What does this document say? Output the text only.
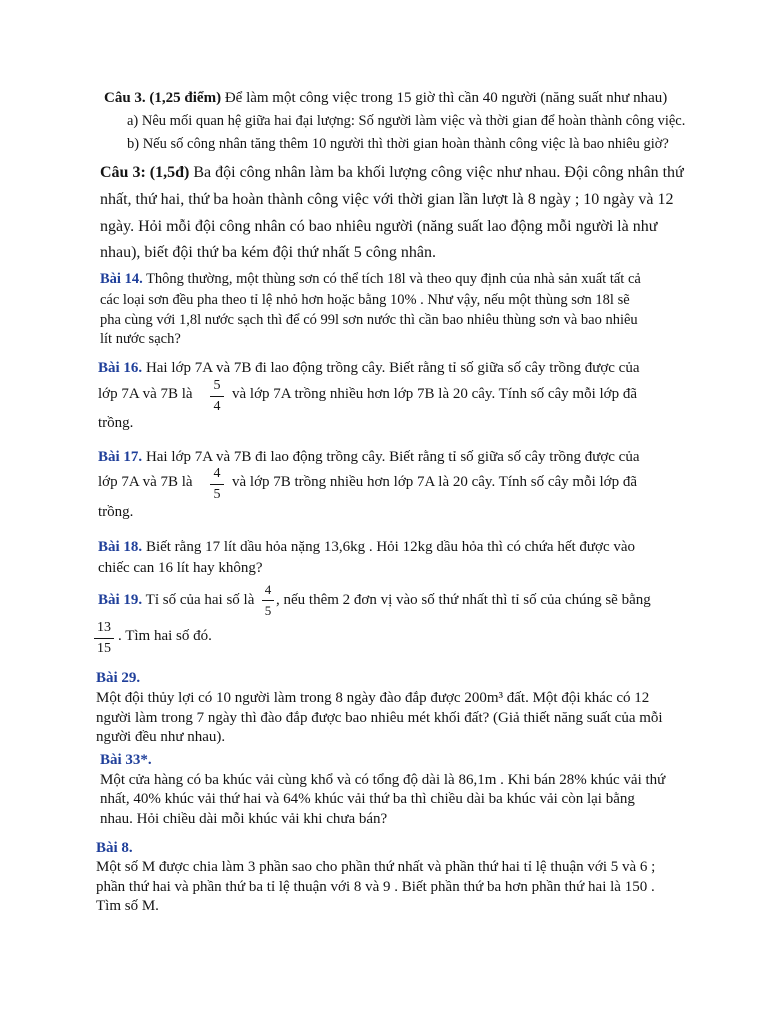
Câu 3. (1,25 điểm) Để làm một công việc trong 15 giờ thì cần 40 người (năng suất như nhau)
a) Nêu mối quan hệ giữa hai đại lượng: Số người làm việc và thời gian để hoàn thành công việc.
b) Nếu số công nhân tăng thêm 10 người thì thời gian hoàn thành công việc là bao nhiêu giờ?
Câu 3: (1,5đ) Ba đội công nhân làm ba khối lượng công việc như nhau. Đội công nhân thứ
nhất, thứ hai, thứ ba hoàn thành công việc với thời gian lần lượt là 8 ngày ; 10 ngày và 12
ngày. Hỏi mỗi đội công nhân có bao nhiêu người (năng suất lao động mỗi người là như
nhau), biết đội thứ ba kém đội thứ nhất 5 công nhân.
Bài 14. Thông thường, một thùng sơn có thể tích 18l và theo quy định của nhà sản xuất tất cả
các loại sơn đều pha theo tỉ lệ nhỏ hơn hoặc bằng 10% . Như vậy, nếu một thùng sơn 18l sẽ
pha cùng với 1,8l nước sạch thì để có 99l sơn nước thì cần bao nhiêu thùng sơn và bao nhiêu
lít nước sạch?
Bài 16. Hai lớp 7A và 7B đi lao động trồng cây. Biết rằng tỉ số giữa số cây trồng được của
lớp 7A và 7B là
5
4
và lớp 7A trồng nhiều hơn lớp 7B là 20 cây. Tính số cây mỗi lớp đã
trồng.
Bài 17. Hai lớp 7A và 7B đi lao động trồng cây. Biết rằng tỉ số giữa số cây trồng được của
lớp 7A và 7B là
4
5
và lớp 7B trồng nhiều hơn lớp 7A là 20 cây. Tính số cây mỗi lớp đã
trồng.
Bài 18. Biết rằng 17 lít dầu hỏa nặng 13,6kg . Hỏi 12kg dầu hỏa thì có chứa hết được vào
chiếc can 16 lít hay không?
Bài 19. Tỉ số của hai số là
4
5
, nếu thêm 2 đơn vị vào số thứ nhất thì tỉ số của chúng sẽ bằng
13
15
. Tìm hai số đó.
Bài 29.
Một đội thủy lợi có 10 người làm trong 8 ngày đào đắp được 200m³ đất. Một đội khác có 12
người làm trong 7 ngày thì đào đắp được bao nhiêu mét khối đất? (Giả thiết năng suất của mỗi
người đều như nhau).
Bài 33*.
Một cửa hàng có ba khúc vải cùng khổ và có tổng độ dài là 86,1m . Khi bán 28% khúc vải thứ
nhất, 40% khúc vải thứ hai và 64% khúc vải thứ ba thì chiều dài ba khúc vải còn lại bằng
nhau. Hỏi chiều dài mỗi khúc vải khi chưa bán?
Bài 8.
Một số M được chia làm 3 phần sao cho phần thứ nhất và phần thứ hai tỉ lệ thuận với 5 và 6 ;
phần thứ hai và phần thứ ba tỉ lệ thuận với 8 và 9 . Biết phần thứ ba hơn phần thứ hai là 150 .
Tìm số M.
